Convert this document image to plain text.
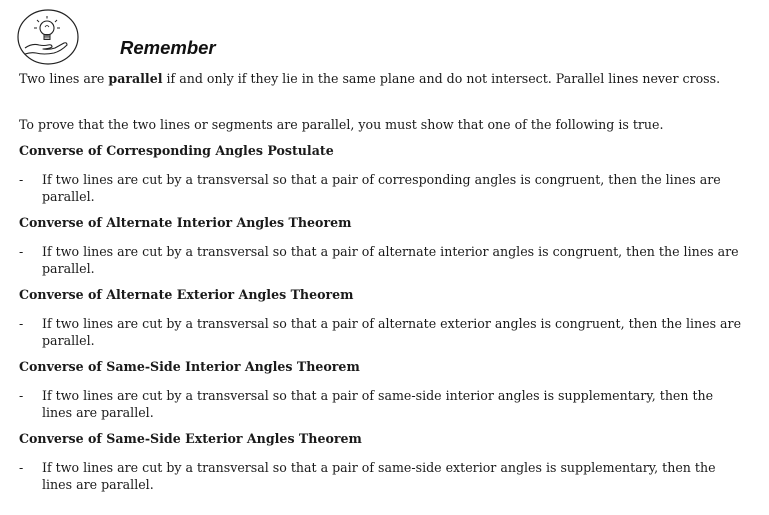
Remember

Two lines are parallel if and only if they lie in the same plane and do not intersect. Parallel lines never cross.

To prove that the two lines or segments are parallel, you must show that one of the following is true.

Converse of Corresponding Angles Postulate
- If two lines are cut by a transversal so that a pair of corresponding angles is congruent, then the lines are parallel.
Converse of Alternate Interior Angles Theorem
- If two lines are cut by a transversal so that a pair of alternate interior angles is congruent, then the lines are parallel.
Converse of Alternate Exterior Angles Theorem
- If two lines are cut by a transversal so that a pair of alternate exterior angles is congruent, then the lines are parallel.
Converse of Same-Side Interior Angles Theorem
- If two lines are cut by a transversal so that a pair of same-side interior angles is supplementary, then the lines are parallel.
Converse of Same-Side Exterior Angles Theorem
- If two lines are cut by a transversal so that a pair of same-side exterior angles is supplementary, then the lines are parallel.
